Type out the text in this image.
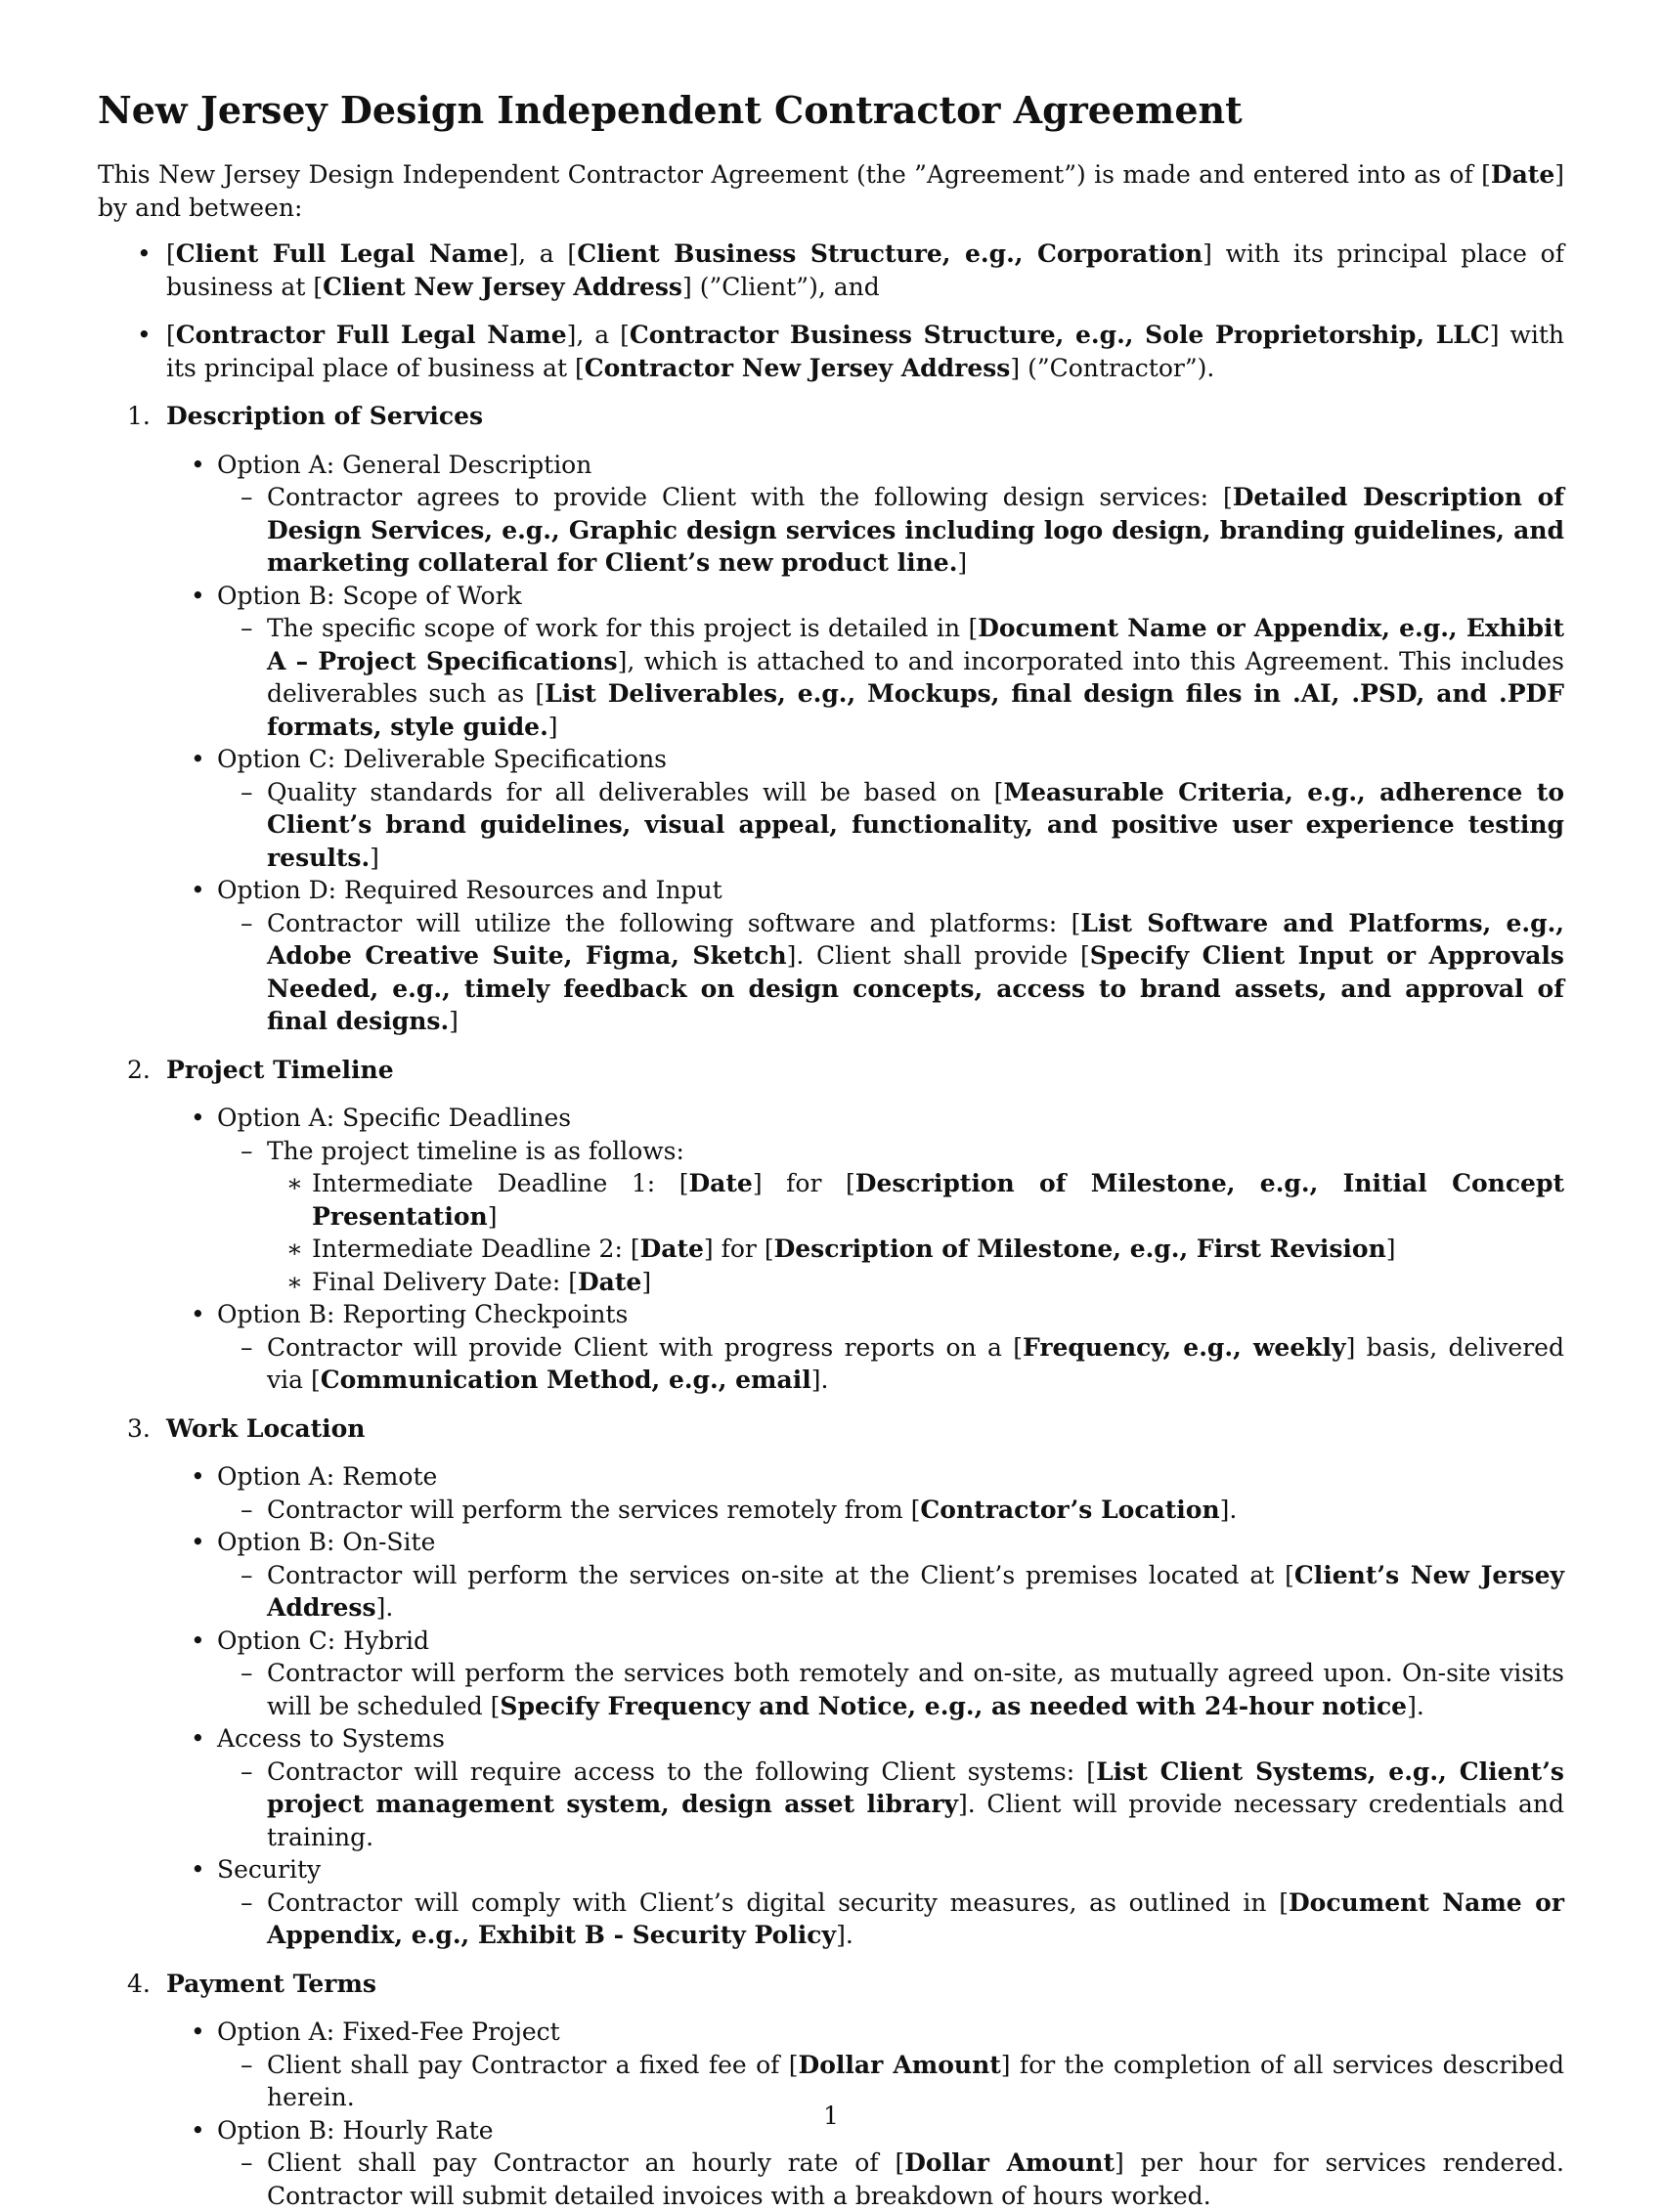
New Jersey Design Independent Contractor Agreement

This New Jersey Design Independent Contractor Agreement (the ”Agreement”) is made and entered into as of [Date] by and between:

• [Client Full Legal Name], a [Client Business Structure, e.g., Corporation] with its principal place of business at [Client New Jersey Address] (”Client”), and
• [Contractor Full Legal Name], a [Contractor Business Structure, e.g., Sole Proprietorship, LLC] with its principal place of business at [Contractor New Jersey Address] (”Contractor”).
1. Description of Services
• Option A: General Description
– Contractor agrees to provide Client with the following design services: [Detailed Description of Design Services, e.g., Graphic design services including logo design, branding guidelines, and marketing collateral for Client’s new product line.]
• Option B: Scope of Work
– The specific scope of work for this project is detailed in [Document Name or Appendix, e.g., Exhibit A – Project Specifications], which is attached to and incorporated into this Agreement. This includes deliverables such as [List Deliverables, e.g., Mockups, final design files in .AI, .PSD, and .PDF formats, style guide.]
• Option C: Deliverable Specifications
– Quality standards for all deliverables will be based on [Measurable Criteria, e.g., adherence to Client’s brand guidelines, visual appeal, functionality, and positive user experience testing results.]
• Option D: Required Resources and Input
– Contractor will utilize the following software and platforms: [List Software and Platforms, e.g., Adobe Creative Suite, Figma, Sketch]. Client shall provide [Specify Client Input or Approvals Needed, e.g., timely feedback on design concepts, access to brand assets, and approval of final designs.]
2. Project Timeline
• Option A: Specific Deadlines
– The project timeline is as follows:
∗ Intermediate Deadline 1: [Date] for [Description of Milestone, e.g., Initial Concept Presentation]
∗ Intermediate Deadline 2: [Date] for [Description of Milestone, e.g., First Revision]
∗ Final Delivery Date: [Date]
• Option B: Reporting Checkpoints
– Contractor will provide Client with progress reports on a [Frequency, e.g., weekly] basis, delivered via [Communication Method, e.g., email].
3. Work Location
• Option A: Remote
– Contractor will perform the services remotely from [Contractor’s Location].
• Option B: On-Site
– Contractor will perform the services on-site at the Client’s premises located at [Client’s New Jersey Address].
• Option C: Hybrid
– Contractor will perform the services both remotely and on-site, as mutually agreed upon. On-site visits will be scheduled [Specify Frequency and Notice, e.g., as needed with 24-hour notice].
• Access to Systems
– Contractor will require access to the following Client systems: [List Client Systems, e.g., Client’s project management system, design asset library]. Client will provide necessary credentials and training.
• Security
– Contractor will comply with Client’s digital security measures, as outlined in [Document Name or Appendix, e.g., Exhibit B - Security Policy].
4. Payment Terms
• Option A: Fixed-Fee Project
– Client shall pay Contractor a fixed fee of [Dollar Amount] for the completion of all services described herein.
• Option B: Hourly Rate
– Client shall pay Contractor an hourly rate of [Dollar Amount] per hour for services rendered. Contractor will submit detailed invoices with a breakdown of hours worked.
1
